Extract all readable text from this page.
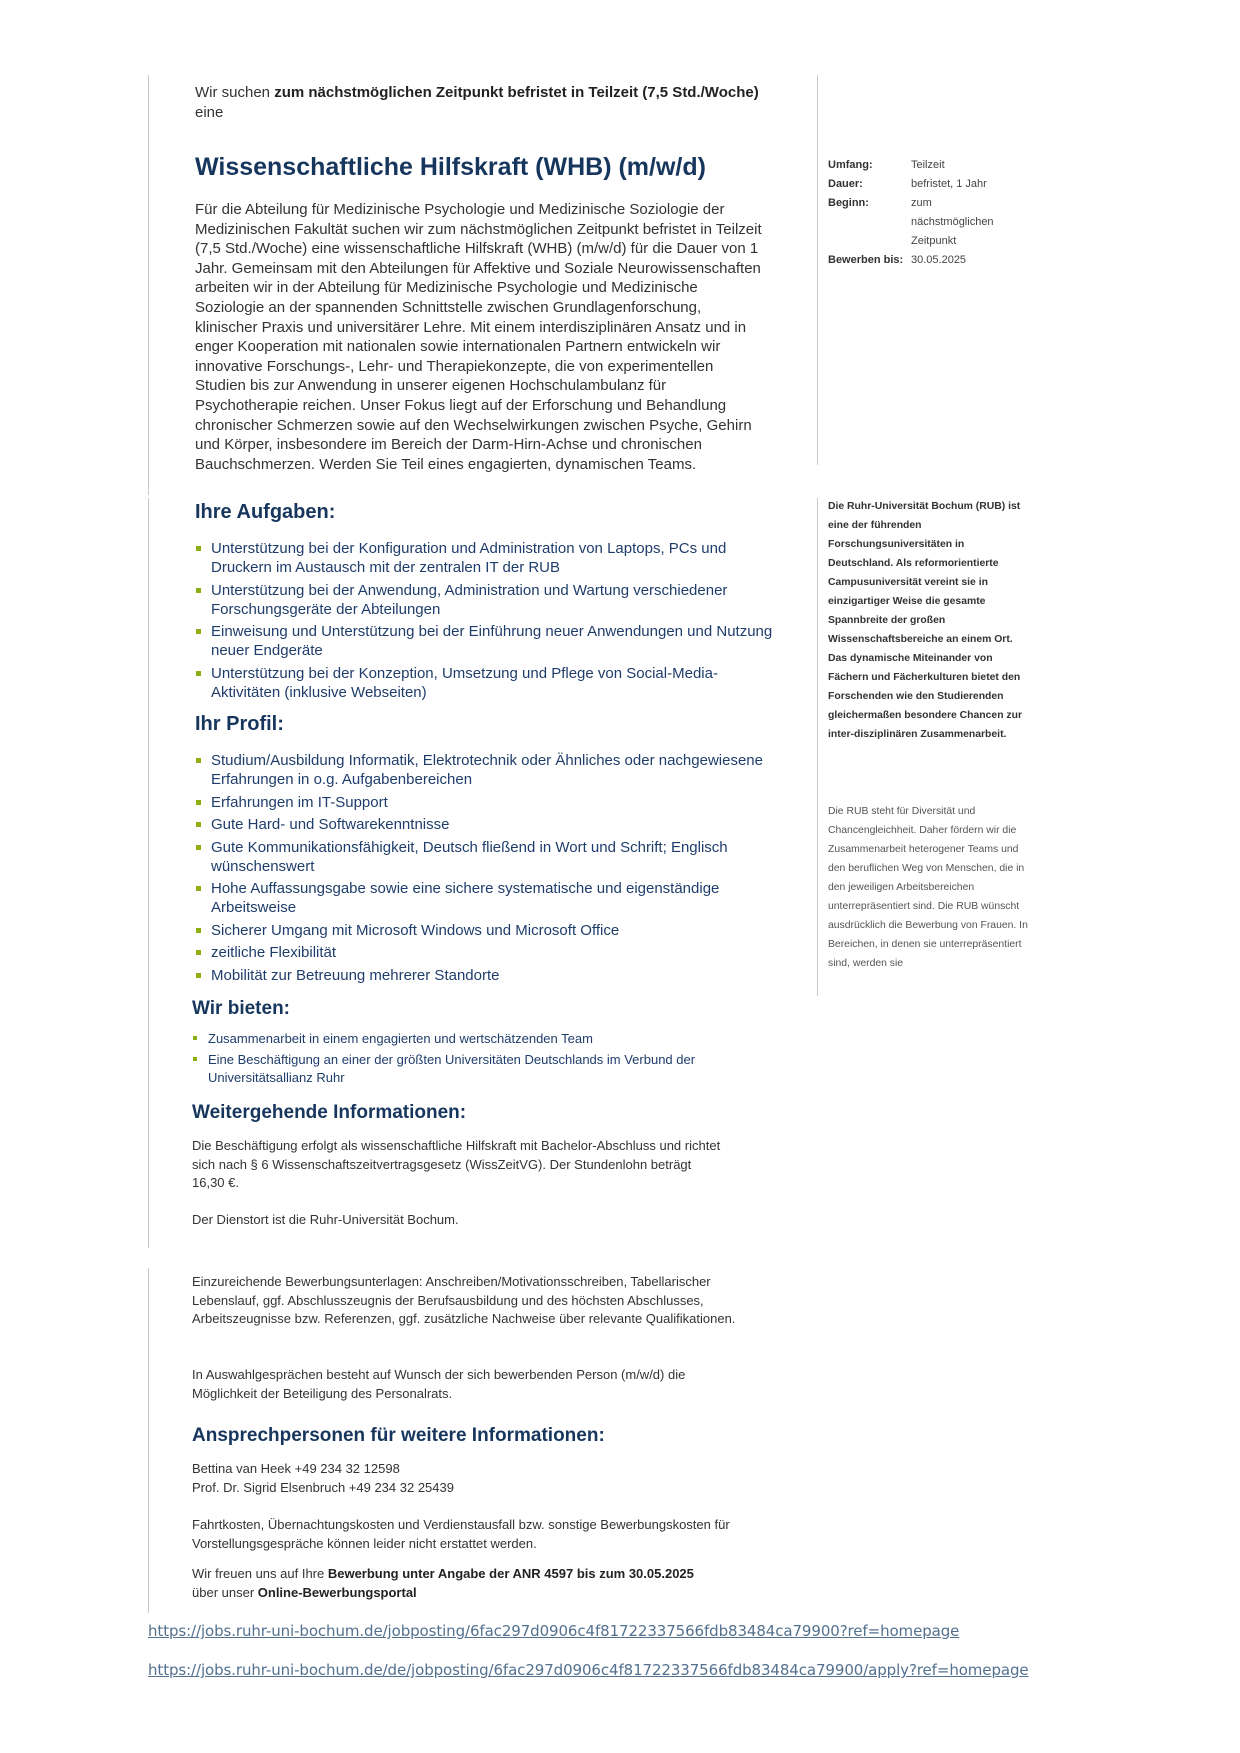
Wir suchen zum nächstmöglichen Zeitpunkt befristet in Teilzeit (7,5 Std./Woche)

eine

Wissenschaftliche Hilfskraft (WHB) (m/w/d)

Für die Abteilung für Medizinische Psychologie und Medizinische Soziologie der Medizinischen Fakultät suchen wir zum nächstmöglichen Zeitpunkt befristet in Teilzeit (7,5 Std./Woche) eine wissenschaftliche Hilfskraft (WHB) (m/w/d) für die Dauer von 1 Jahr. Gemeinsam mit den Abteilungen für Affektive und Soziale Neurowissenschaften arbeiten wir in der Abteilung für Medizinische Psychologie und Medizinische Soziologie an der spannenden Schnittstelle zwischen Grundlagenforschung, klinischer Praxis und universitärer Lehre. Mit einem interdisziplinären Ansatz und in enger Kooperation mit nationalen sowie internationalen Partnern entwickeln wir innovative Forschungs-, Lehr- und Therapiekonzepte, die von experimentellen Studien bis zur Anwendung in unserer eigenen Hochschulambulanz für Psychotherapie reichen. Unser Fokus liegt auf der Erforschung und Behandlung chronischer Schmerzen sowie auf den Wechselwirkungen zwischen Psyche, Gehirn und Körper, insbesondere im Bereich der Darm-Hirn-Achse und chronischen Bauchschmerzen. Werden Sie Teil eines engagierten, dynamischen Teams.

Umfang:	Teilzeit
Dauer:	befristet, 1 Jahr
Beginn:	zum nächstmöglichen Zeitpunkt
Bewerben bis: 30.05.2025
Ihre Aufgaben:
Unterstützung bei der Konfiguration und Administration von Laptops, PCs und Druckern im Austausch mit der zentralen IT der RUB
Unterstützung bei der Anwendung, Administration und Wartung verschiedener Forschungsgeräte der Abteilungen
Einweisung und Unterstützung bei der Einführung neuer Anwendungen und Nutzung neuer Endgeräte
Unterstützung bei der Konzeption, Umsetzung und Pflege von Social-Media-Aktivitäten (inklusive Webseiten)
Ihr Profil:
Studium/Ausbildung Informatik, Elektrotechnik oder Ähnliches oder nachgewiesene Erfahrungen in o.g. Aufgabenbereichen
Erfahrungen im IT-Support
Gute Hard- und Softwarekenntnisse
Gute Kommunikationsfähigkeit, Deutsch fließend in Wort und Schrift; Englisch wünschenswert
Hohe Auffassungsgabe sowie eine sichere systematische und eigenständige Arbeitsweise
Sicherer Umgang mit Microsoft Windows und Microsoft Office
zeitliche Flexibilität
Mobilität zur Betreuung mehrerer Standorte
Die Ruhr-Universität Bochum (RUB) ist eine der führenden Forschungsuniversitäten in Deutschland. Als reformorientierte Campusuniversität vereint sie in einzigartiger Weise die gesamte Spannbreite der großen Wissenschaftsbereiche an einem Ort. Das dynamische Miteinander von Fächern und Fächerkulturen bietet den Forschenden wie den Studierenden gleichermaßen besondere Chancen zur inter-disziplinären Zusammenarbeit.
Die RUB steht für Diversität und Chancengleichheit. Daher fördern wir die Zusammenarbeit heterogener Teams und den beruflichen Weg von Menschen, die in den jeweiligen Arbeitsbereichen unterrepräsentiert sind. Die RUB wünscht ausdrücklich die Bewerbung von Frauen. In Bereichen, in denen sie unterrepräsentiert sind, werden sie
Wir bieten:
Zusammenarbeit in einem engagierten und wertschätzenden Team
Eine Beschäftigung an einer der größten Universitäten Deutschlands im Verbund der Universitätsallianz Ruhr
Weitergehende Informationen:
Die Beschäftigung erfolgt als wissenschaftliche Hilfskraft mit Bachelor-Abschluss und richtet sich nach § 6 Wissenschaftszeitvertragsgesetz (WissZeitVG). Der Stundenlohn beträgt 16,30 €.
Der Dienstort ist die Ruhr-Universität Bochum.
Einzureichende Bewerbungsunterlagen: Anschreiben/Motivationsschreiben, Tabellarischer Lebenslauf, ggf. Abschlusszeugnis der Berufsausbildung und des höchsten Abschlusses, Arbeitszeugnisse bzw. Referenzen, ggf. zusätzliche Nachweise über relevante Qualifikationen.
In Auswahlgesprächen besteht auf Wunsch der sich bewerbenden Person (m/w/d) die Möglichkeit der Beteiligung des Personalrats.
Ansprechpersonen für weitere Informationen:
Bettina van Heek +49 234 32 12598
Prof. Dr. Sigrid Elsenbruch +49 234 32 25439
Fahrtkosten, Übernachtungskosten und Verdienstausfall bzw. sonstige Bewerbungskosten für Vorstellungsgespräche können leider nicht erstattet werden.
Wir freuen uns auf Ihre Bewerbung unter Angabe der ANR 4597 bis zum 30.05.2025
über unser Online-Bewerbungsportal
https://jobs.ruhr-uni-bochum.de/jobposting/6fac297d0906c4f81722337566fdb83484ca79900?ref=homepage
https://jobs.ruhr-uni-bochum.de/de/jobposting/6fac297d0906c4f81722337566fdb83484ca79900/apply?ref=homepage
